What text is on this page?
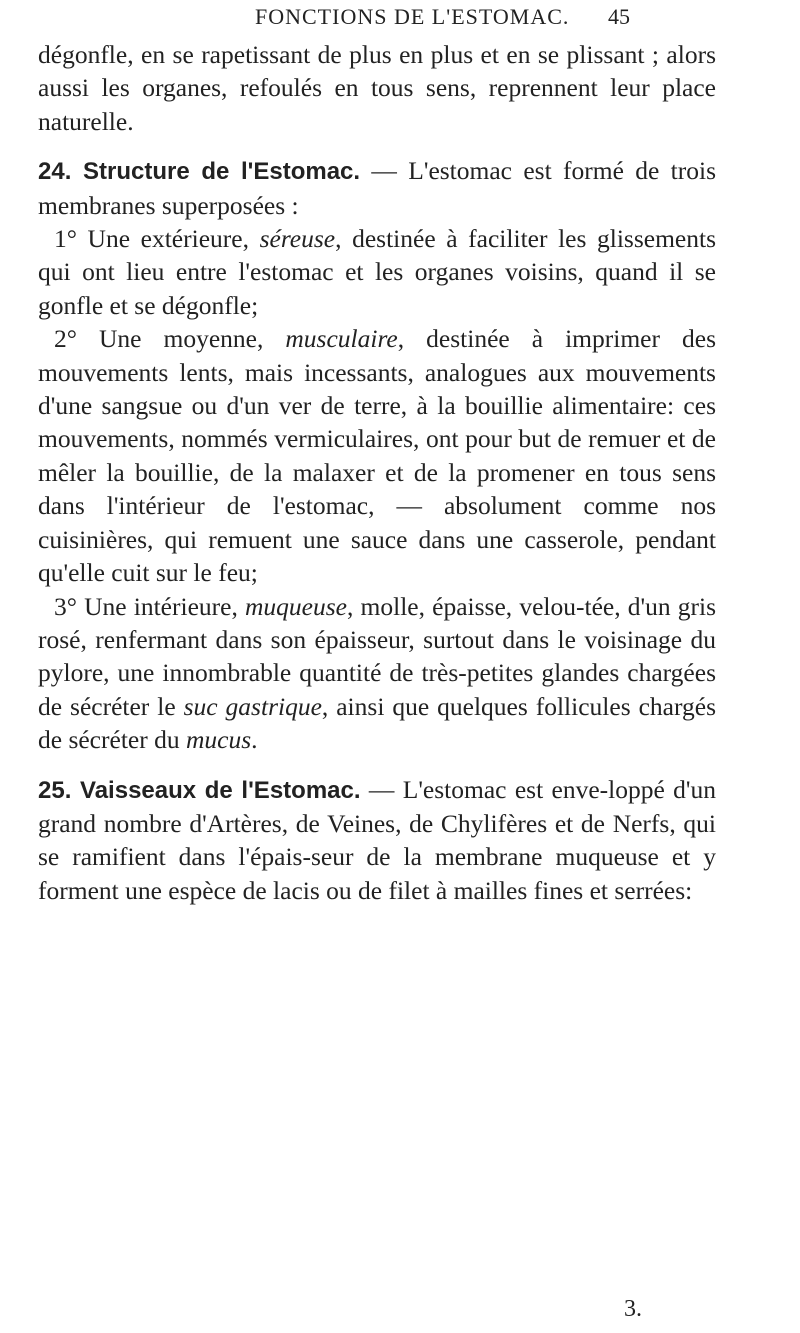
FONCTIONS DE L'ESTOMAC. 45

dégonfle, en se rapetissant de plus en plus et en se plissant ; alors aussi les organes, refoulés en tous sens, reprennent leur place naturelle.

24. Structure de l'Estomac. — L'estomac est formé de trois membranes superposées :

1° Une extérieure, séreuse, destinée à faciliter les glissements qui ont lieu entre l'estomac et les organes voisins, quand il se gonfle et se dégonfle;

2° Une moyenne, musculaire, destinée à imprimer des mouvements lents, mais incessants, analogues aux mouvements d'une sangsue ou d'un ver de terre, à la bouillie alimentaire: ces mouvements, nommés vermiculaires, ont pour but de remuer et de mêler la bouillie, de la malaxer et de la promener en tous sens dans l'intérieur de l'estomac, — absolument comme nos cuisinières, qui remuent une sauce dans une casserole, pendant qu'elle cuit sur le feu;

3° Une intérieure, muqueuse, molle, épaisse, velou-tée, d'un gris rosé, renfermant dans son épaisseur, surtout dans le voisinage du pylore, une innombrable quantité de très-petites glandes chargées de sécréter le suc gastrique, ainsi que quelques follicules chargés de sécréter du mucus.

25. Vaisseaux de l'Estomac. — L'estomac est enve-loppé d'un grand nombre d'Artères, de Veines, de Chylifères et de Nerfs, qui se ramifient dans l'épais-seur de la membrane muqueuse et y forment une espèce de lacis ou de filet à mailles fines et serrées:

3.
